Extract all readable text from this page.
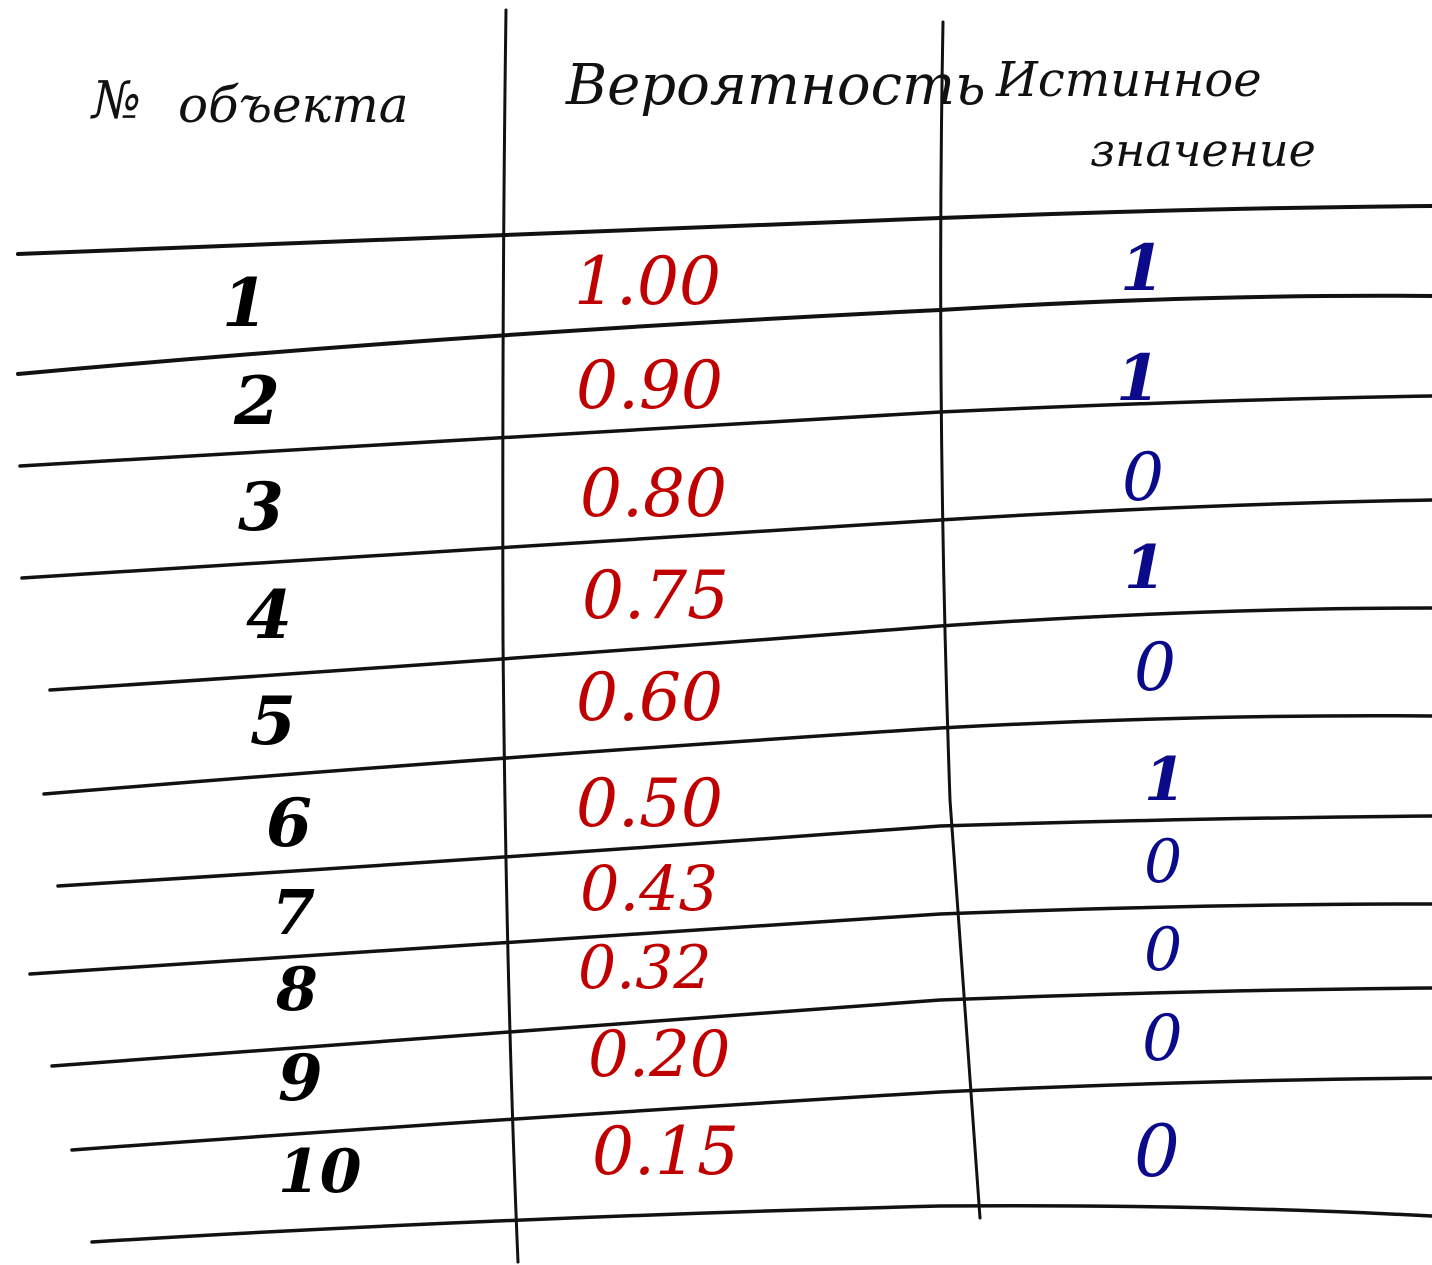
№ объекта	Вероятность Истинное
значение
1	1.00	1
2	0.90	1
3	0.80	0
4	0.75	1
5	0.60	0
6	0.50	1
7	0.43	0
8	0.32	0
9	0.20	0
10	0.15	0
